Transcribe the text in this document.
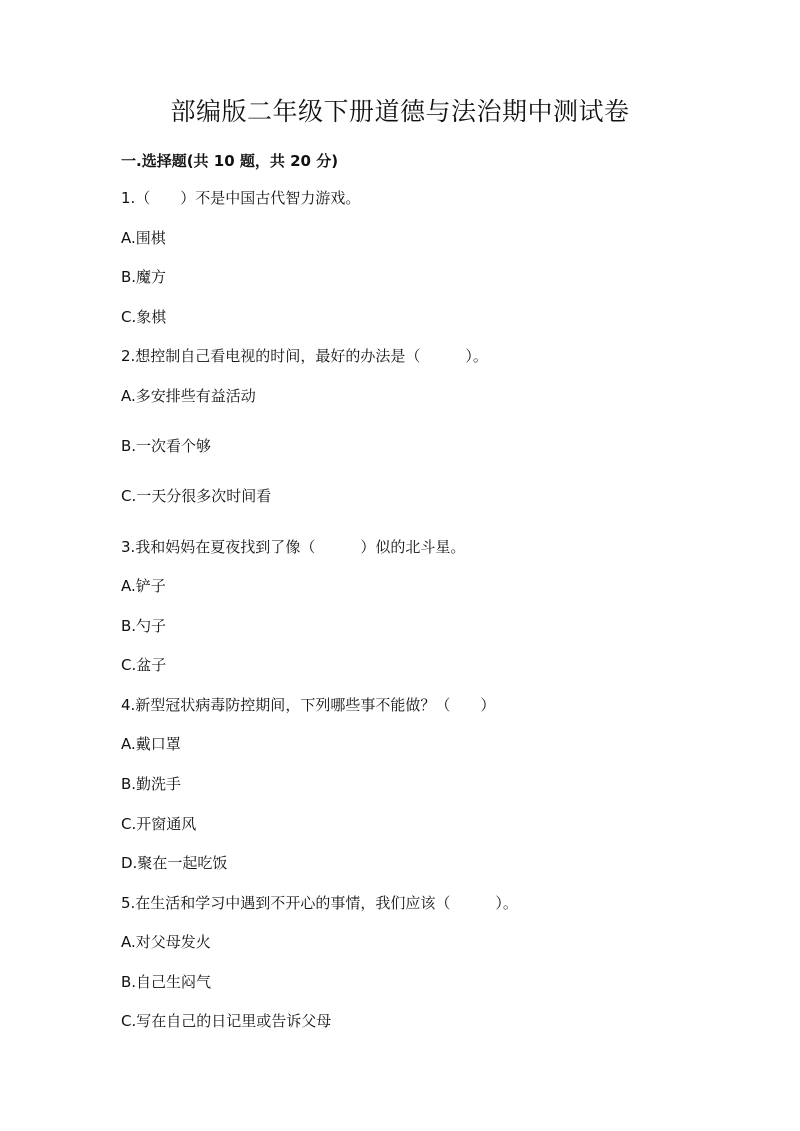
部编版二年级下册道德与法治期中测试卷
一.选择题(共 10 题，共 20 分)
1.（　　）不是中国古代智力游戏。
A.围棋
B.魔方
C.象棋
2.想控制自己看电视的时间，最好的办法是（　　　）。
A.多安排些有益活动
B.一次看个够
C.一天分很多次时间看
3.我和妈妈在夏夜找到了像（　　　）似的北斗星。
A.铲子
B.勺子
C.盆子
4.新型冠状病毒防控期间，下列哪些事不能做？（　　）
A.戴口罩
B.勤洗手
C.开窗通风
D.聚在一起吃饭
5.在生活和学习中遇到不开心的事情，我们应该（　　　）。
A.对父母发火
B.自己生闷气
C.写在自己的日记里或告诉父母
